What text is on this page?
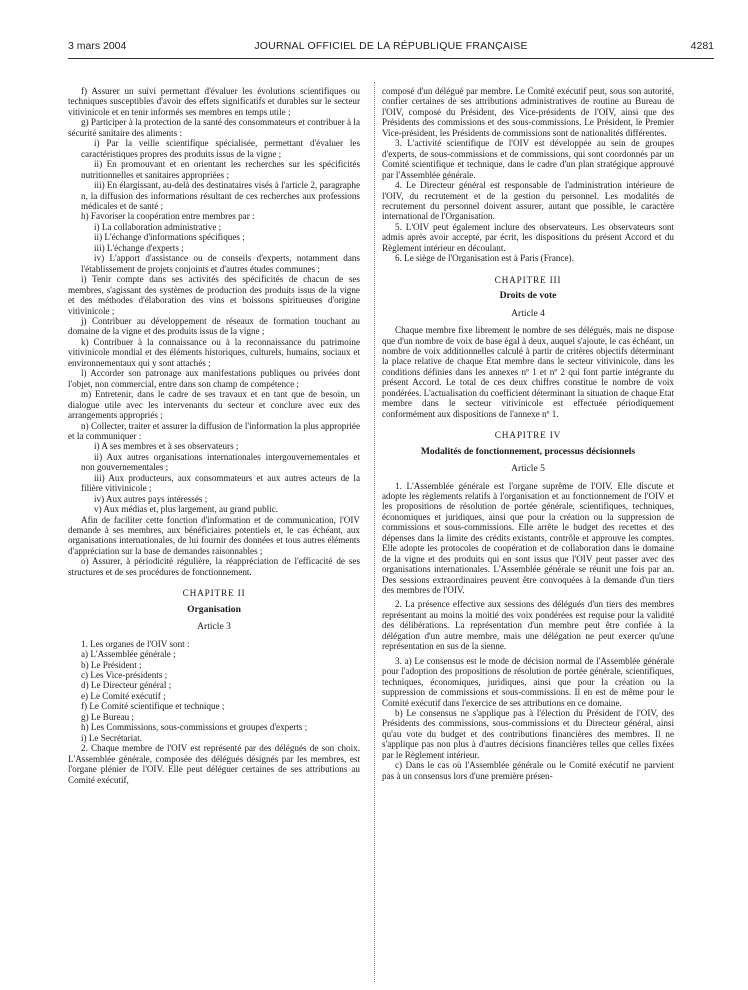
3 mars 2004	JOURNAL OFFICIEL DE LA RÉPUBLIQUE FRANÇAISE	4281

f) Assurer un suivi permettant d'évaluer les évolutions scientifiques ou techniques susceptibles d'avoir des effets significatifs et durables sur le secteur vitivinicole et en tenir informés ses membres en temps utile ;

g) Participer à la protection de la santé des consommateurs et contribuer à la sécurité sanitaire des aliments :

i) Par la veille scientifique spécialisée, permettant d'évaluer les caractéristiques propres des produits issus de la vigne ;

ii) En promouvant et en orientant les recherches sur les spécificités nutritionnelles et sanitaires appropriées ;

iii) En élargissant, au-delà des destinataires visés à l'article 2, paragraphe n, la diffusion des informations résultant de ces recherches aux professions médicales et de santé ;

h) Favoriser la coopération entre membres par :

i) La collaboration administrative ;

ii) L'échange d'informations spécifiques ;

iii) L'échange d'experts ;

iv) L'apport d'assistance ou de conseils d'experts, notamment dans l'établissement de projets conjoints et d'autres études communes ;

i) Tenir compte dans ses activités des spécificités de chacun de ses membres, s'agissant des systèmes de production des produits issus de la vigne et des méthodes d'élaboration des vins et boissons spiritueuses d'origine vitivinicole ;

j) Contribuer au développement de réseaux de formation touchant au domaine de la vigne et des produits issus de la vigne ;

k) Contribuer à la connaissance ou à la reconnaissance du patrimoine vitivinicole mondial et des éléments historiques, culturels, humains, sociaux et environnementaux qui y sont attachés ;

l) Accorder son patronage aux manifestations publiques ou privées dont l'objet, non commercial, entre dans son champ de compétence ;

m) Entretenir, dans le cadre de ses travaux et en tant que de besoin, un dialogue utile avec les intervenants du secteur et conclure avec eux des arrangements appropriés ;

n) Collecter, traiter et assurer la diffusion de l'information la plus appropriée et la communiquer :

i) A ses membres et à ses observateurs ;

ii) Aux autres organisations internationales intergouvernementales et non gouvernementales ;

iii) Aux producteurs, aux consommateurs et aux autres acteurs de la filière vitivinicole ;

iv) Aux autres pays intéressés ;

v) Aux médias et, plus largement, au grand public.

Afin de faciliter cette fonction d'information et de communication, l'OIV demande à ses membres, aux bénéficiaires potentiels et, le cas échéant, aux organisations internationales, de lui fournir des données et tous autres éléments d'appréciation sur la base de demandes raisonnables ;

o) Assurer, à périodicité régulière, la réappréciation de l'efficacité de ses structures et de ses procédures de fonctionnement.

CHAPITRE II
Organisation
Article 3

1. Les organes de l'OIV sont :

a) L'Assemblée générale ;

b) Le Président ;

c) Les Vice-présidents ;

d) Le Directeur général ;

e) Le Comité exécutif ;

f) Le Comité scientifique et technique ;

g) Le Bureau ;

h) Les Commissions, sous-commissions et groupes d'experts ;

i) Le Secrétariat.

2. Chaque membre de l'OIV est représenté par des délégués de son choix. L'Assemblée générale, composée des délégués désignés par les membres, est l'organe plénier de l'OIV. Elle peut déléguer certaines de ses attributions au Comité exécutif,

composé d'un délégué par membre. Le Comité exécutif peut, sous son autorité, confier certaines de ses attributions administratives de routine au Bureau de l'OIV, composé du Président, des Vice-présidents de l'OIV, ainsi que des Présidents des commissions et des sous-commissions. Le Président, le Premier Vice-président, les Présidents de commissions sont de nationalités différentes.

3. L'activité scientifique de l'OIV est développée au sein de groupes d'experts, de sous-commissions et de commissions, qui sont coordonnés par un Comité scientifique et technique, dans le cadre d'un plan stratégique approuvé par l'Assemblée générale.

4. Le Directeur général est responsable de l'administration intérieure de l'OIV, du recrutement et de la gestion du personnel. Les modalités de recrutement du personnel doivent assurer, autant que possible, le caractère international de l'Organisation.

5. L'OIV peut également inclure des observateurs. Les observateurs sont admis après avoir accepté, par écrit, les dispositions du présent Accord et du Règlement intérieur en découlant.

6. Le siège de l'Organisation est à Paris (France).

CHAPITRE III
Droits de vote
Article 4

Chaque membre fixe librement le nombre de ses délégués, mais ne dispose que d'un nombre de voix de base égal à deux, auquel s'ajoute, le cas échéant, un nombre de voix additionnelles calculé à partir de critères objectifs déterminant la place relative de chaque Etat membre dans le secteur vitivinicole, dans les conditions définies dans les annexes nº 1 et nº 2 qui font partie intégrante du présent Accord. Le total de ces deux chiffres constitue le nombre de voix pondérées. L'actualisation du coefficient déterminant la situation de chaque Etat membre dans le secteur vitivinicole est effectuée périodiquement conformément aux dispositions de l'annexe nº 1.

CHAPITRE IV
Modalités de fonctionnement, processus décisionnels
Article 5

1. L'Assemblée générale est l'organe suprême de l'OIV. Elle discute et adopte les règlements relatifs à l'organisation et au fonctionnement de l'OIV et les propositions de résolution de portée générale, scientifiques, techniques, économiques et juridiques, ainsi que pour la création ou la suppression de commissions et sous-commissions. Elle arrête le budget des recettes et des dépenses dans la limite des crédits existants, contrôle et approuve les comptes. Elle adopte les protocoles de coopération et de collaboration dans le domaine de la vigne et des produits qui en sont issus que l'OIV peut passer avec des organisations internationales. L'Assemblée générale se réunit une fois par an. Des sessions extraordinaires peuvent être convoquées à la demande d'un tiers des membres de l'OIV.

2. La présence effective aux sessions des délégués d'un tiers des membres représentant au moins la moitié des voix pondérées est requise pour la validité des délibérations. La représentation d'un membre peut être confiée à la délégation d'un autre membre, mais une délégation ne peut exercer qu'une représentation en sus de la sienne.

3. a) Le consensus est le mode de décision normal de l'Assemblée générale pour l'adoption des propositions de résolution de portée générale, scientifiques, techniques, économiques, juridiques, ainsi que pour la création ou la suppression de commissions et sous-commissions. Il en est de même pour le Comité exécutif dans l'exercice de ses attributions en ce domaine.

b) Le consensus ne s'applique pas à l'élection du Président de l'OIV, des Présidents des commissions, sous-commissions et du Directeur général, ainsi qu'au vote du budget et des contributions financières des membres. Il ne s'applique pas non plus à d'autres décisions financières telles que celles fixées par le Règlement intérieur.

c) Dans le cas où l'Assemblée générale ou le Comité exécutif ne parvient pas à un consensus lors d'une première présen-
